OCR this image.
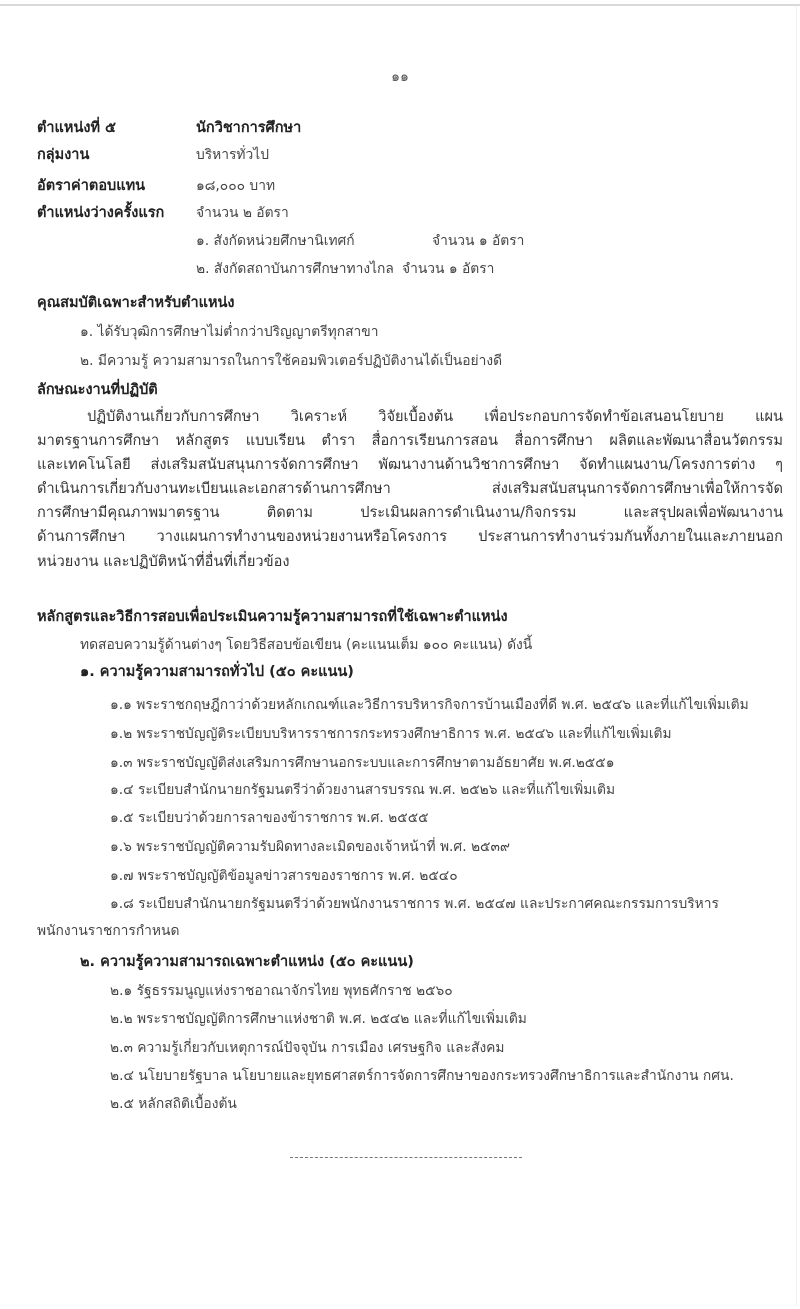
๑๑
ตำแหน่งที่ ๕	นักวิชาการศึกษา
กลุ่มงาน	บริหารทั่วไป
อัตราค่าตอบแทน	๑๘,๐๐๐ บาท
ตำแหน่งว่างครั้งแรก จำนวน ๒ อัตรา
๑. สังกัดหน่วยศึกษานิเทศก์	จำนวน ๑ อัตรา
๒. สังกัดสถาบันการศึกษาทางไกล จำนวน ๑ อัตรา
คุณสมบัติเฉพาะสำหรับตำแหน่ง
๑. ได้รับวุฒิการศึกษาไม่ต่ำกว่าปริญญาตรีทุกสาขา
๒. มีความรู้ ความสามารถในการใช้คอมพิวเตอร์ปฏิบัติงานได้เป็นอย่างดี
ลักษณะงานที่ปฏิบัติ
ปฏิบัติงานเกี่ยวกับการศึกษา วิเคราะห์ วิจัยเบื้องต้น เพื่อประกอบการจัดทำข้อเสนอนโยบาย แผน
มาตรฐานการศึกษา หลักสูตร แบบเรียน ตำรา สื่อการเรียนการสอน สื่อการศึกษา ผลิตและพัฒนาสื่อนวัตกรรม
และเทคโนโลยี ส่งเสริมสนับสนุนการจัดการศึกษา พัฒนางานด้านวิชาการศึกษา จัดทำแผนงาน/โครงการต่าง ๆ
ดำเนินการเกี่ยวกับงานทะเบียนและเอกสารด้านการศึกษา ส่งเสริมสนับสนุนการจัดการศึกษาเพื่อให้การจัด
การศึกษามีคุณภาพมาตรฐาน ติดตาม ประเมินผลการดำเนินงาน/กิจกรรม และสรุปผลเพื่อพัฒนางาน
ด้านการศึกษา วางแผนการทำงานของหน่วยงานหรือโครงการ ประสานการทำงานร่วมกันทั้งภายในและภายนอก
หน่วยงาน และปฏิบัติหน้าที่อื่นที่เกี่ยวข้อง
หลักสูตรและวิธีการสอบเพื่อประเมินความรู้ความสามารถที่ใช้เฉพาะตำแหน่ง
ทดสอบความรู้ด้านต่างๆ โดยวิธีสอบข้อเขียน (คะแนนเต็ม ๑๐๐ คะแนน) ดังนี้
๑. ความรู้ความสามารถทั่วไป (๕๐ คะแนน)
๑.๑ พระราชกฤษฎีกาว่าด้วยหลักเกณฑ์และวิธีการบริหารกิจการบ้านเมืองที่ดี พ.ศ. ๒๕๔๖ และที่แก้ไขเพิ่มเติม
๑.๒ พระราชบัญญัติระเบียบบริหารราชการกระทรวงศึกษาธิการ พ.ศ. ๒๕๔๖ และที่แก้ไขเพิ่มเติม
๑.๓ พระราชบัญญัติส่งเสริมการศึกษานอกระบบและการศึกษาตามอัธยาศัย พ.ศ.๒๕๕๑
๑.๔ ระเบียบสำนักนายกรัฐมนตรีว่าด้วยงานสารบรรณ พ.ศ. ๒๕๒๖ และที่แก้ไขเพิ่มเติม
๑.๕ ระเบียบว่าด้วยการลาของข้าราชการ พ.ศ. ๒๕๕๕
๑.๖ พระราชบัญญัติความรับผิดทางละเมิดของเจ้าหน้าที่ พ.ศ. ๒๕๓๙
๑.๗ พระราชบัญญัติข้อมูลข่าวสารของราชการ พ.ศ. ๒๕๔๐
๑.๘ ระเบียบสำนักนายกรัฐมนตรีว่าด้วยพนักงานราชการ พ.ศ. ๒๕๔๗ และประกาศคณะกรรมการบริหาร
พนักงานราชการกำหนด
๒. ความรู้ความสามารถเฉพาะตำแหน่ง (๕๐ คะแนน)
๒.๑ รัฐธรรมนูญแห่งราชอาณาจักรไทย พุทธศักราช ๒๕๖๐
๒.๒ พระราชบัญญัติการศึกษาแห่งชาติ พ.ศ. ๒๕๔๒ และที่แก้ไขเพิ่มเติม
๒.๓ ความรู้เกี่ยวกับเหตุการณ์ปัจจุบัน การเมือง เศรษฐกิจ และสังคม
๒.๔ นโยบายรัฐบาล นโยบายและยุทธศาสตร์การจัดการศึกษาของกระทรวงศึกษาธิการและสำนักงาน กศน.
๒.๕ หลักสถิติเบื้องต้น
